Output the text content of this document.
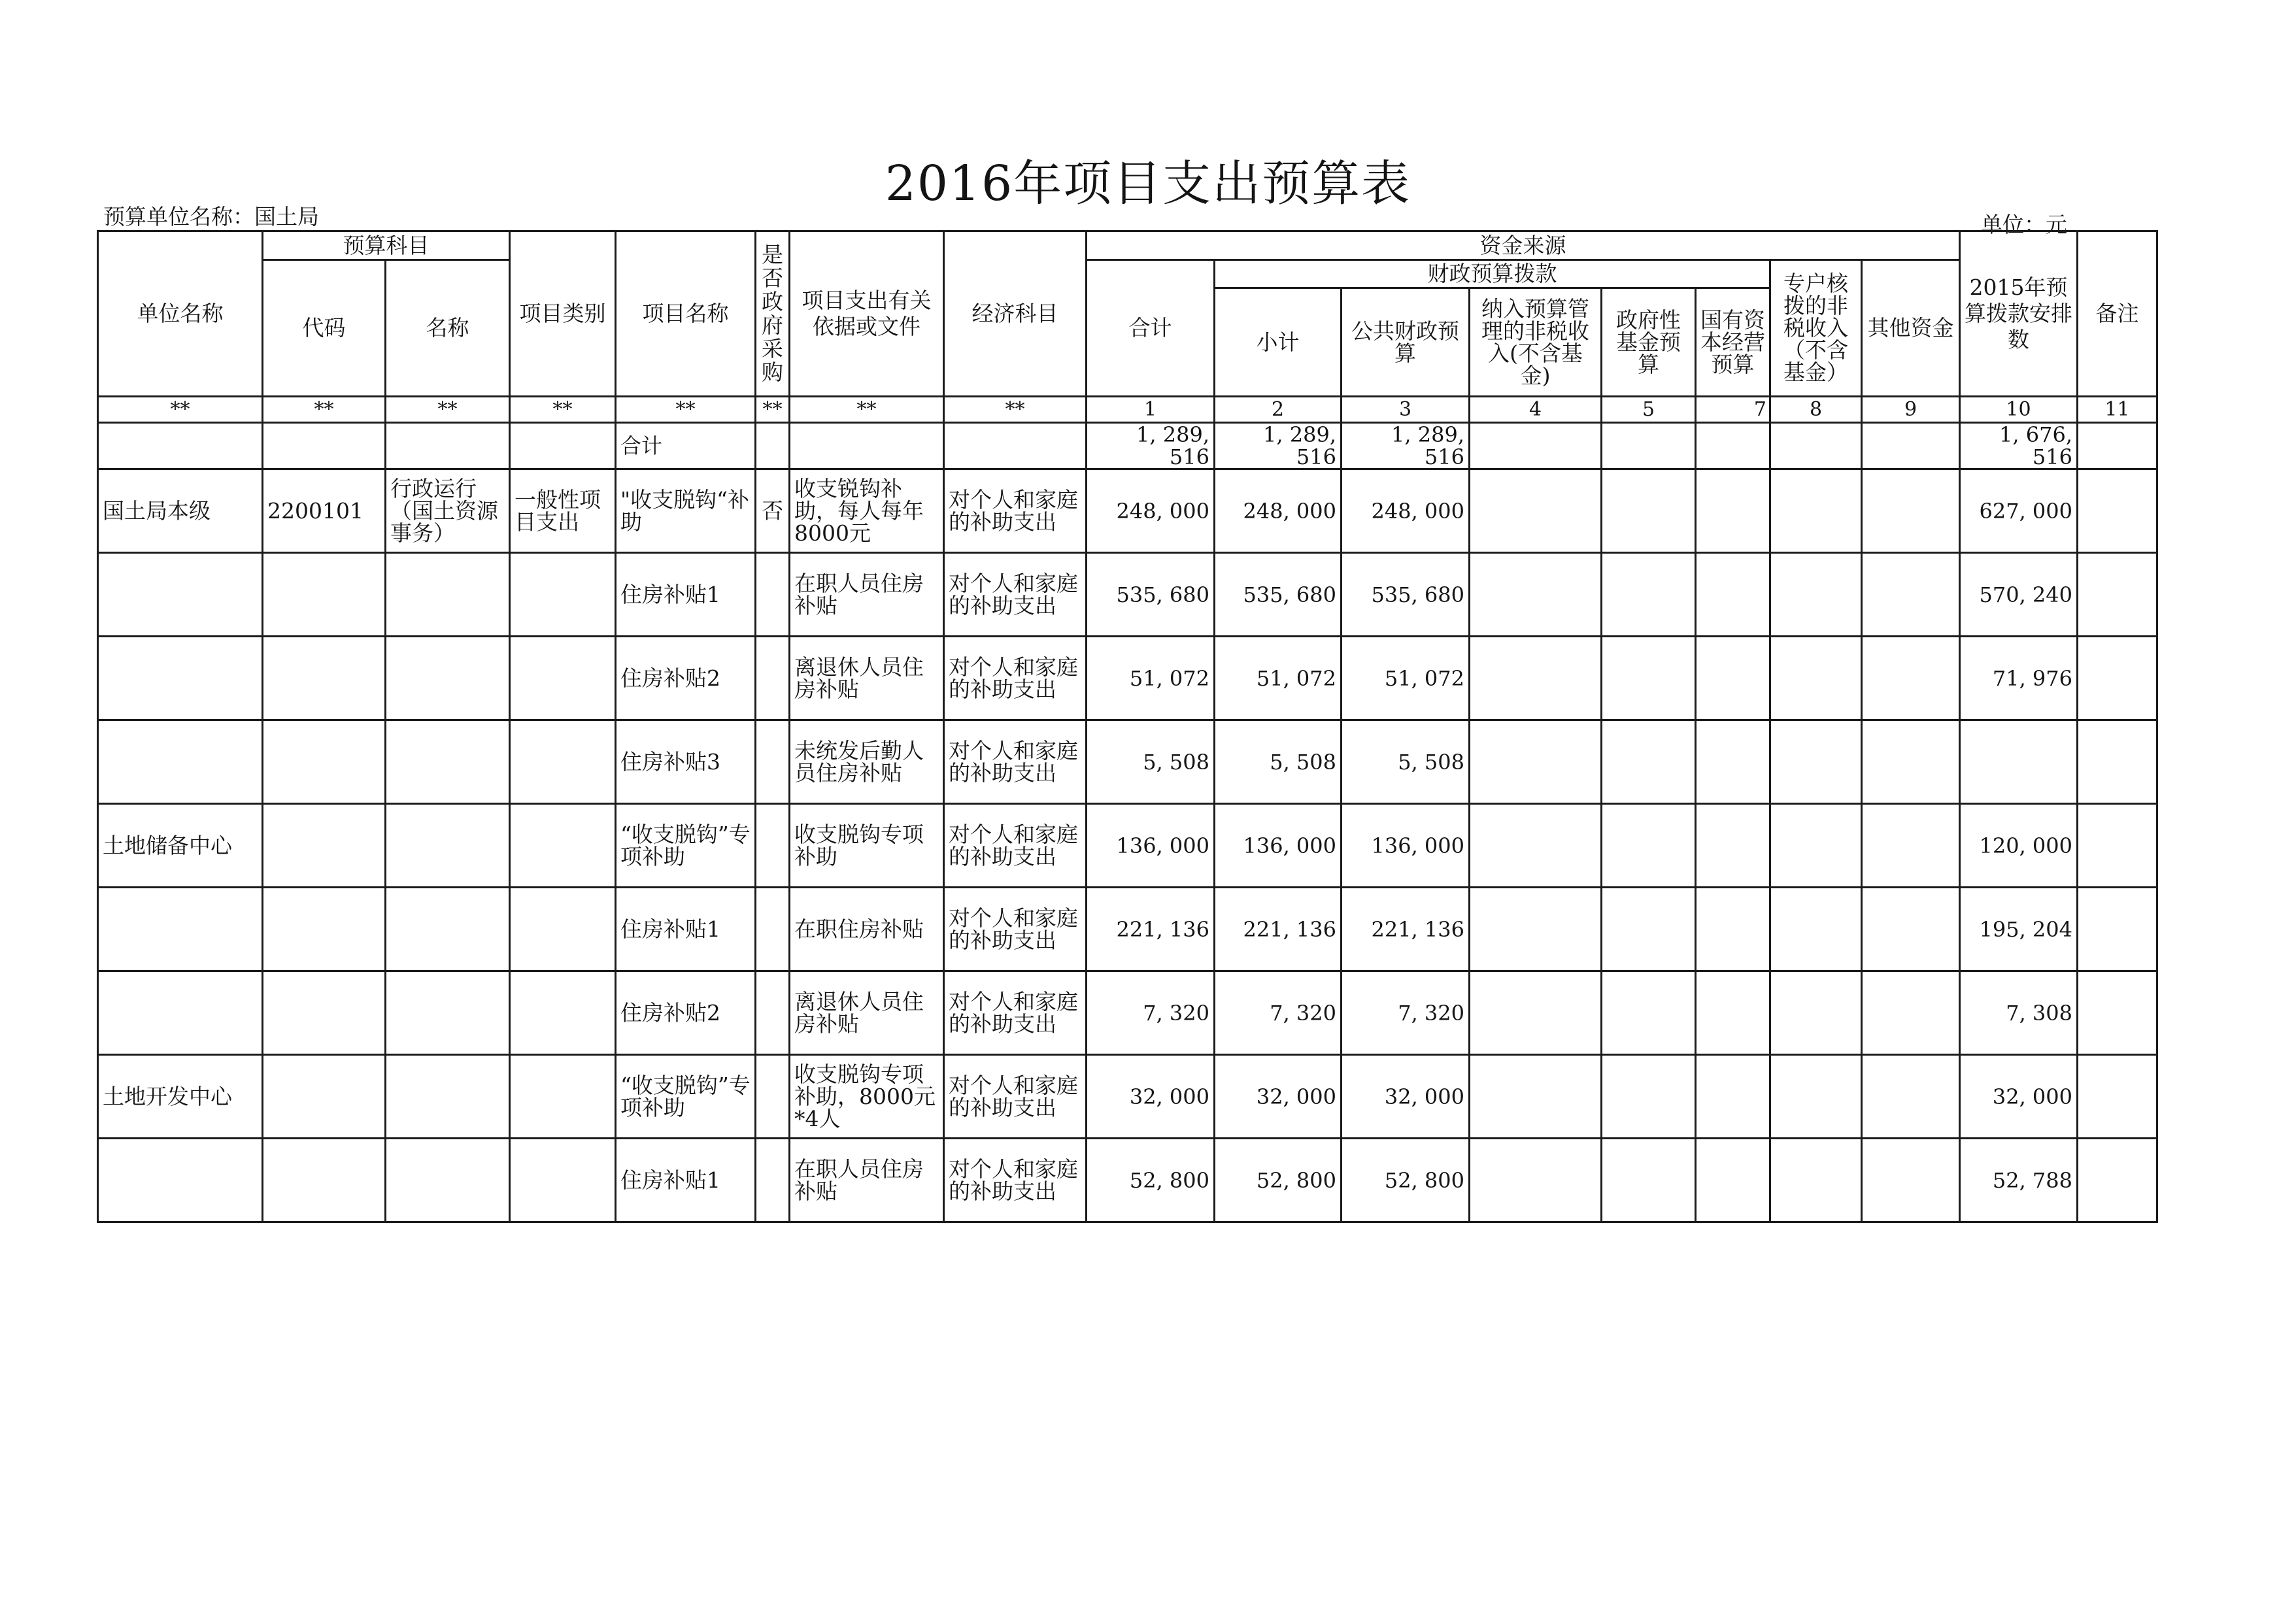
2016年项目支出预算表
预算单位名称：国土局	单位：元
单位名称	预算科目		项目类别	项目名称	是否政府采购	项目支出有关依据或文件	经济科目	资金来源								2015年预算拨款安排数	备注
	代码	名称						合计	财政预算拨款					专户核拨的非税收入（不含基金）	其他资金		
									小计	公共财政预算	纳入预算管理的非税收入(不含基金)	政府性基金预算	国有资本经营预算				
**	**	**	**	**	**	**	**	1	2	3	4	5	7	8	9	10	11
				合计				1, 289, 516	1, 289, 516	1, 289, 516						1, 676, 516	
国土局本级	2200101	行政运行（国土资源事务）	一般性项目支出	"收支脱钩“补助	否	收支锐钩补助，每人每年8000元	对个人和家庭的补助支出	248, 000	248, 000	248, 000						627, 000	
				住房补贴1		在职人员住房补贴	对个人和家庭的补助支出	535, 680	535, 680	535, 680						570, 240	
				住房补贴2		离退休人员住房补贴	对个人和家庭的补助支出	51, 072	51, 072	51, 072						71, 976	
				住房补贴3		未统发后勤人员住房补贴	对个人和家庭的补助支出	5, 508	5, 508	5, 508							
土地储备中心				“收支脱钩”专项补助		收支脱钩专项补助	对个人和家庭的补助支出	136, 000	136, 000	136, 000						120, 000	
				住房补贴1		在职住房补贴	对个人和家庭的补助支出	221, 136	221, 136	221, 136						195, 204	
				住房补贴2		离退休人员住房补贴	对个人和家庭的补助支出	7, 320	7, 320	7, 320						7, 308	
土地开发中心				“收支脱钩”专项补助		收支脱钩专项补助，8000元*4人	对个人和家庭的补助支出	32, 000	32, 000	32, 000						32, 000	
				住房补贴1		在职人员住房补贴	对个人和家庭的补助支出	52, 800	52, 800	52, 800						52, 788	
